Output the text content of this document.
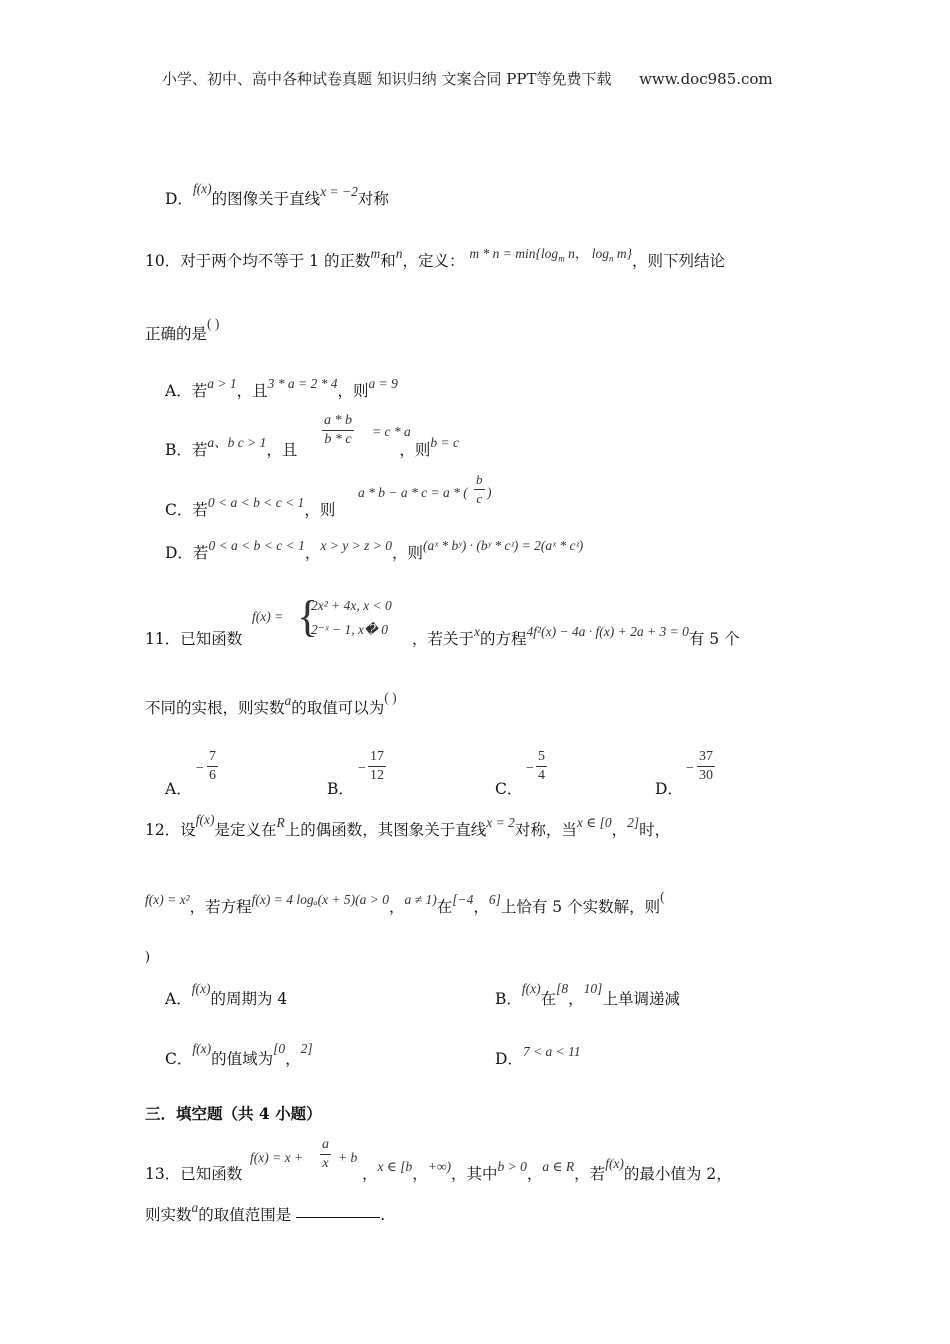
小学、初中、高中各种试卷真题 知识归纳 文案合同 PPT等免费下载 www.doc985.com
D．f(x)的图像关于直线x = −2对称
10．对于两个均不等于 1 的正数m和n，定义： $m * n = \min\{\log_m$ n， $\log_n m$}，则下列结论
正确的是( )
A．若a > 1，且3 * a = 2 * 4，则a = 9
B．若a、b c > 1，且	，则b = c
$\frac{a * b}{b * c} = c * a$
C．若0 < a < b < c < 1，则
a * b − a * c = a * ( $\frac{b}{c}$ )
D．若0 < a < b < c < 1，x > y > z > 0，则(aˣ * bʸ) · (bʸ * cᶻ) = 2(aˣ * cᶻ)
11．已知函数
f(x) = {
2x² + 4x, x < 0
2⁻ˣ − 1, x� 0
，若关于x的方程4f²(x) − 4a · f(x) + 2a + 3 = 0有 5 个
不同的实根，则实数a的取值可以为( )
A．
− $\frac{7}{6}$
B．
− $\frac{17}{12}$
C．
− $\frac{5}{4}$
D．
− $\frac{37}{30}$
12．设f(x)是定义在R上的偶函数，其图象关于直线x = 2对称，当x ∈ [0，2]时，
f(x) = x²，若方程f(x) = 4 logₐ(x + 5)(a > 0，a ≠ 1)在[−4，6]上恰有 5 个实数解，则(
)
A．f(x)的周期为 4	B．f(x)在[8，10]上单调递减
C．f(x)的值域为[0，2]
D．7 < a < 11
三．填空题（共 4 小题）
13．已知函数
$f(x) = x + \frac{a}{x} + b$
，x ∈ [b，+∞)，其中b > 0，a ∈ R，若f(x)的最小值为 2，
则实数a的取值范围是	.
